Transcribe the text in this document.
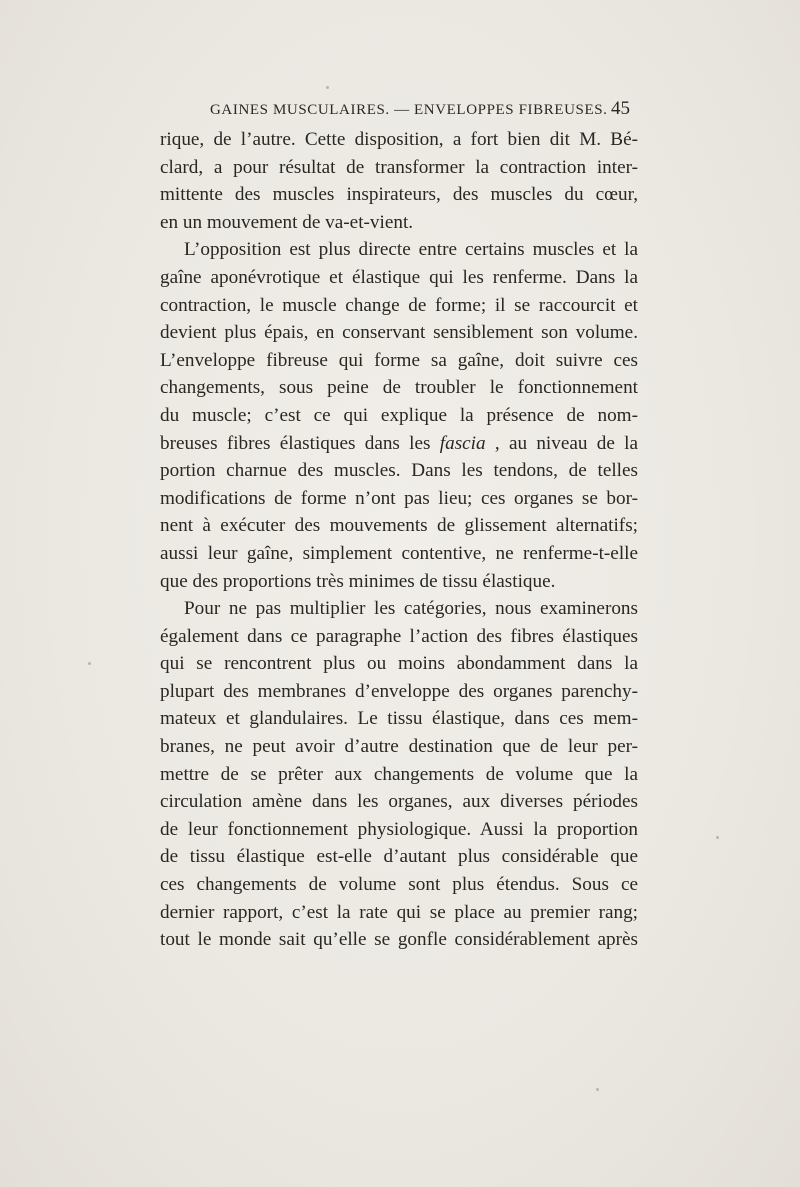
GAINES MUSCULAIRES. — ENVELOPPES FIBREUSES. 45
rique, de l’autre. Cette disposition, a fort bien dit M. Bé-
clard, a pour résultat de transformer la contraction inter-
mittente des muscles inspirateurs, des muscles du cœur,
en un mouvement de va-et-vient.
L’opposition est plus directe entre certains muscles et la
gaîne aponévrotique et élastique qui les renferme. Dans la
contraction, le muscle change de forme; il se raccourcit et
devient plus épais, en conservant sensiblement son volume.
L’enveloppe fibreuse qui forme sa gaîne, doit suivre ces
changements, sous peine de troubler le fonctionnement
du muscle; c’est ce qui explique la présence de nom-
breuses fibres élastiques dans les fascia , au niveau de la
portion charnue des muscles. Dans les tendons, de telles
modifications de forme n’ont pas lieu; ces organes se bor-
nent à exécuter des mouvements de glissement alternatifs;
aussi leur gaîne, simplement contentive, ne renferme-t-elle
que des proportions très minimes de tissu élastique.
Pour ne pas multiplier les catégories, nous examinerons
également dans ce paragraphe l’action des fibres élastiques
qui se rencontrent plus ou moins abondamment dans la
plupart des membranes d’enveloppe des organes parenchy-
mateux et glandulaires. Le tissu élastique, dans ces mem-
branes, ne peut avoir d’autre destination que de leur per-
mettre de se prêter aux changements de volume que la
circulation amène dans les organes, aux diverses périodes
de leur fonctionnement physiologique. Aussi la proportion
de tissu élastique est-elle d’autant plus considérable que
ces changements de volume sont plus étendus. Sous ce
dernier rapport, c’est la rate qui se place au premier rang;
tout le monde sait qu’elle se gonfle considérablement après
